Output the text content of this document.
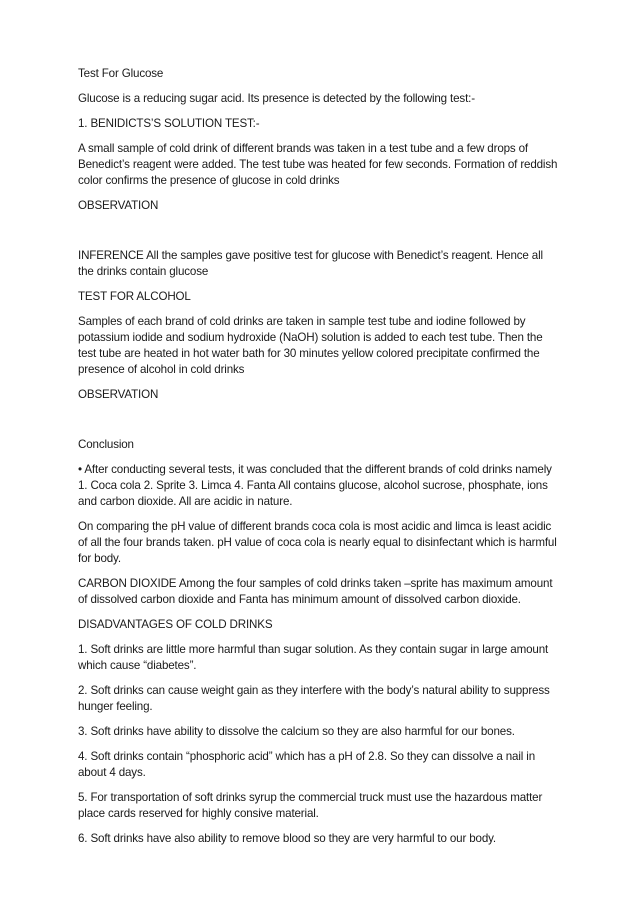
Test For Glucose

Glucose is a reducing sugar acid. Its presence is detected by the following test:-

1. BENIDICTS’S SOLUTION TEST:-

A small sample of cold drink of different brands was taken in a test tube and a few drops of Benedict’s reagent were added. The test tube was heated for few seconds. Formation of reddish color confirms the presence of glucose in cold drinks

OBSERVATION

INFERENCE All the samples gave positive test for glucose with Benedict’s reagent. Hence all the drinks contain glucose

TEST FOR ALCOHOL

Samples of each brand of cold drinks are taken in sample test tube and iodine followed by potassium iodide and sodium hydroxide (NaOH) solution is added to each test tube. Then the test tube are heated in hot water bath for 30 minutes yellow colored precipitate confirmed the presence of alcohol in cold drinks

OBSERVATION

Conclusion

• After conducting several tests, it was concluded that the different brands of cold drinks namely 1. Coca cola 2. Sprite 3. Limca 4. Fanta All contains glucose, alcohol sucrose, phosphate, ions and carbon dioxide. All are acidic in nature.

On comparing the pH value of different brands coca cola is most acidic and limca is least acidic of all the four brands taken. pH value of coca cola is nearly equal to disinfectant which is harmful for body.

CARBON DIOXIDE Among the four samples of cold drinks taken –sprite has maximum amount of dissolved carbon dioxide and Fanta has minimum amount of dissolved carbon dioxide.

DISADVANTAGES OF COLD DRINKS

1. Soft drinks are little more harmful than sugar solution. As they contain sugar in large amount which cause “diabetes”.

2. Soft drinks can cause weight gain as they interfere with the body’s natural ability to suppress hunger feeling.

3. Soft drinks have ability to dissolve the calcium so they are also harmful for our bones.

4. Soft drinks contain “phosphoric acid” which has a pH of 2.8. So they can dissolve a nail in about 4 days.

5. For transportation of soft drinks syrup the commercial truck must use the hazardous matter place cards reserved for highly consive material.

6. Soft drinks have also ability to remove blood so they are very harmful to our body.
